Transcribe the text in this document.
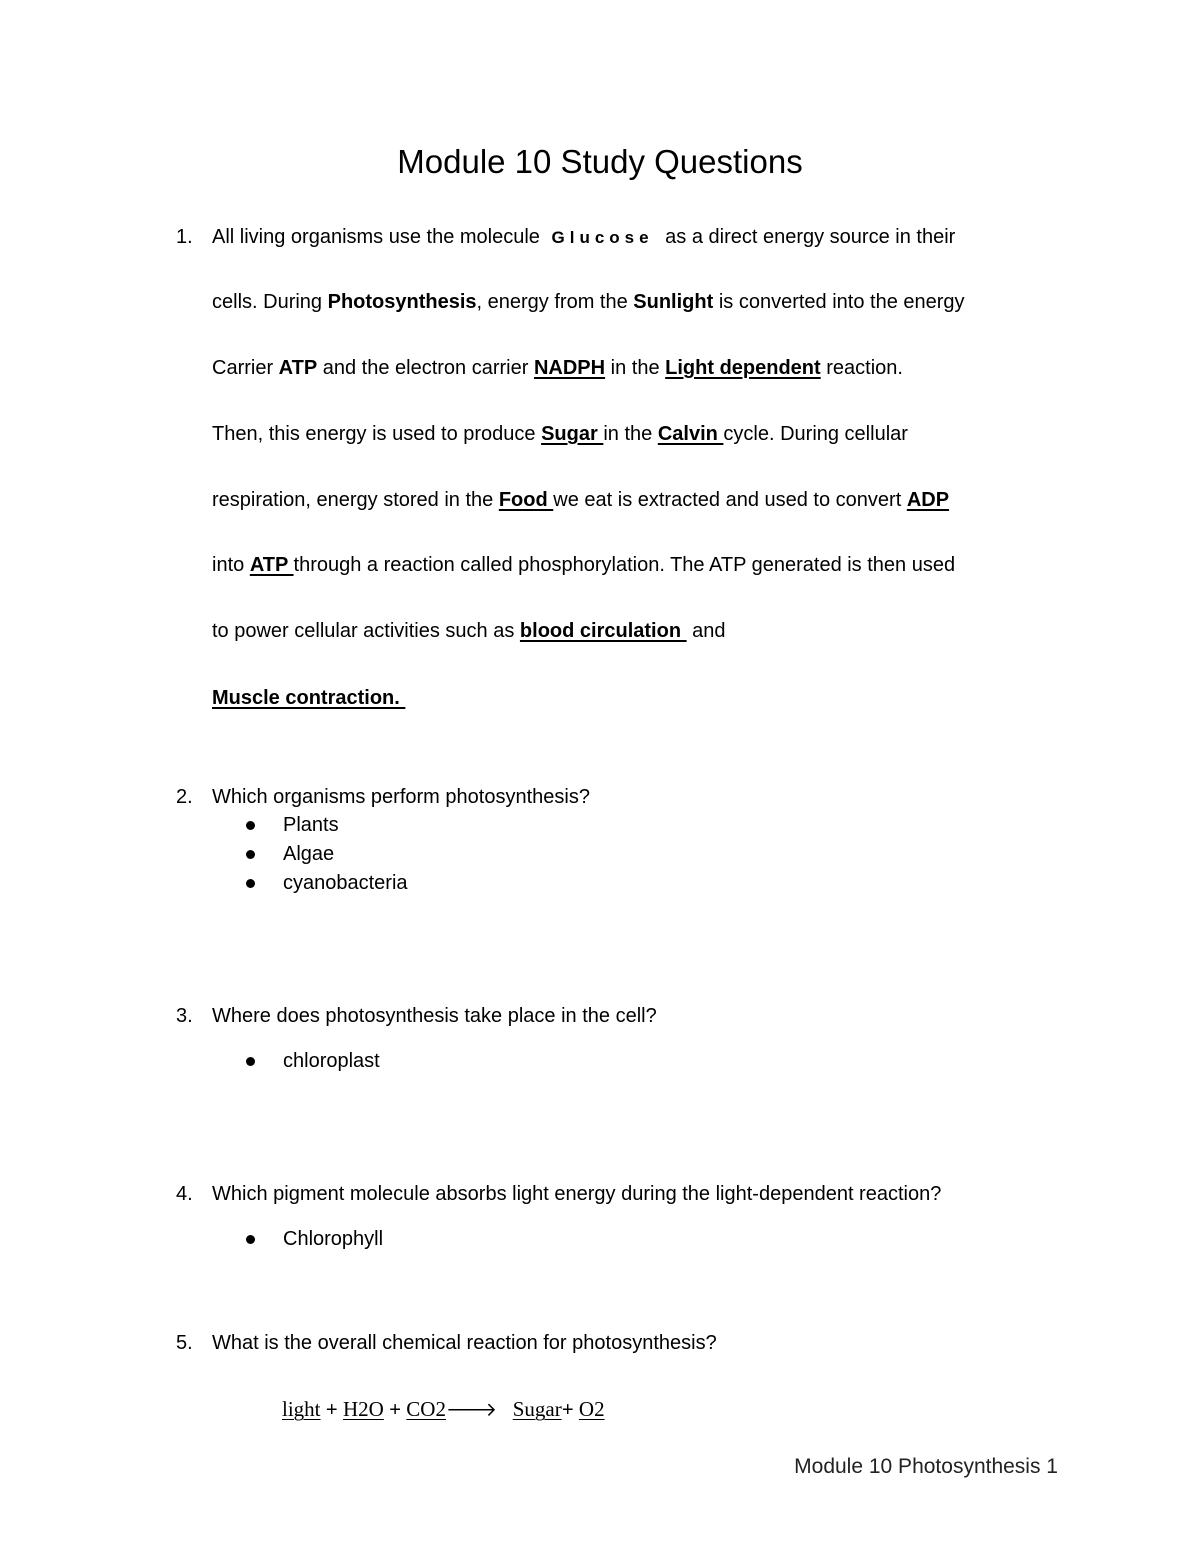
Module 10 Study Questions
1. All living organisms use the molecule Glucose as a direct energy source in their
cells. During Photosynthesis, energy from the Sunlight is converted into the energy
Carrier ATP and the electron carrier NADPH in the Light dependent reaction.
Then, this energy is used to produce Sugar in the Calvin cycle. During cellular
respiration, energy stored in the Food we eat is extracted and used to convert ADP
into ATP through a reaction called phosphorylation. The ATP generated is then used
to power cellular activities such as blood circulation  and
Muscle contraction.
2. Which organisms perform photosynthesis?
Plants
Algae
cyanobacteria
3. Where does photosynthesis take place in the cell?
chloroplast
4. Which pigment molecule absorbs light energy during the light-dependent reaction?
Chlorophyll
5. What is the overall chemical reaction for photosynthesis?
light + H2O + CO2🡒 Sugar+ O2
Module 10 Photosynthesis 1
